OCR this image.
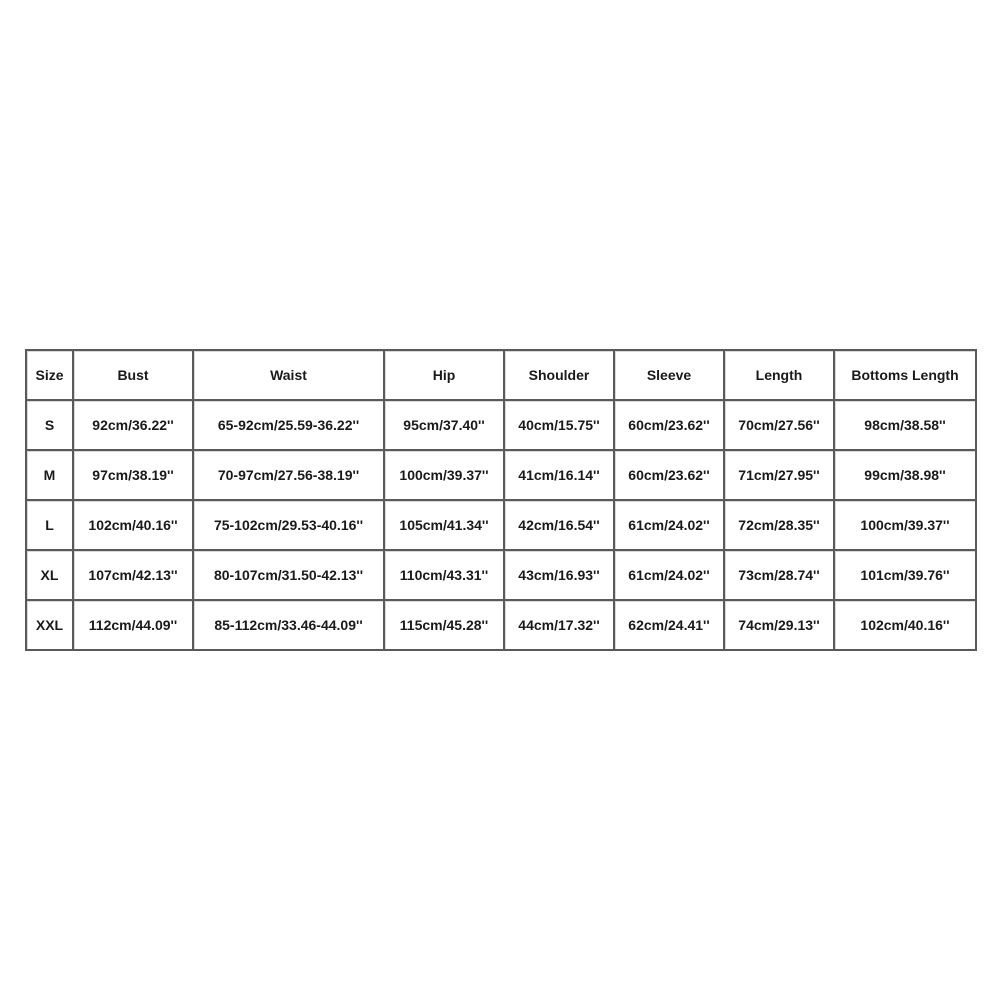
Size	Bust	Waist	Hip	Shoulder	Sleeve	Length	Bottoms Length
S	92cm/36.22''	65-92cm/25.59-36.22''	95cm/37.40''	40cm/15.75''	60cm/23.62''	70cm/27.56''	98cm/38.58''
M	97cm/38.19''	70-97cm/27.56-38.19''	100cm/39.37''	41cm/16.14''	60cm/23.62''	71cm/27.95''	99cm/38.98''
L	102cm/40.16''	75-102cm/29.53-40.16''	105cm/41.34''	42cm/16.54''	61cm/24.02''	72cm/28.35''	100cm/39.37''
XL	107cm/42.13''	80-107cm/31.50-42.13''	110cm/43.31''	43cm/16.93''	61cm/24.02''	73cm/28.74''	101cm/39.76''
XXL	112cm/44.09''	85-112cm/33.46-44.09''	115cm/45.28''	44cm/17.32''	62cm/24.41''	74cm/29.13''	102cm/40.16''
